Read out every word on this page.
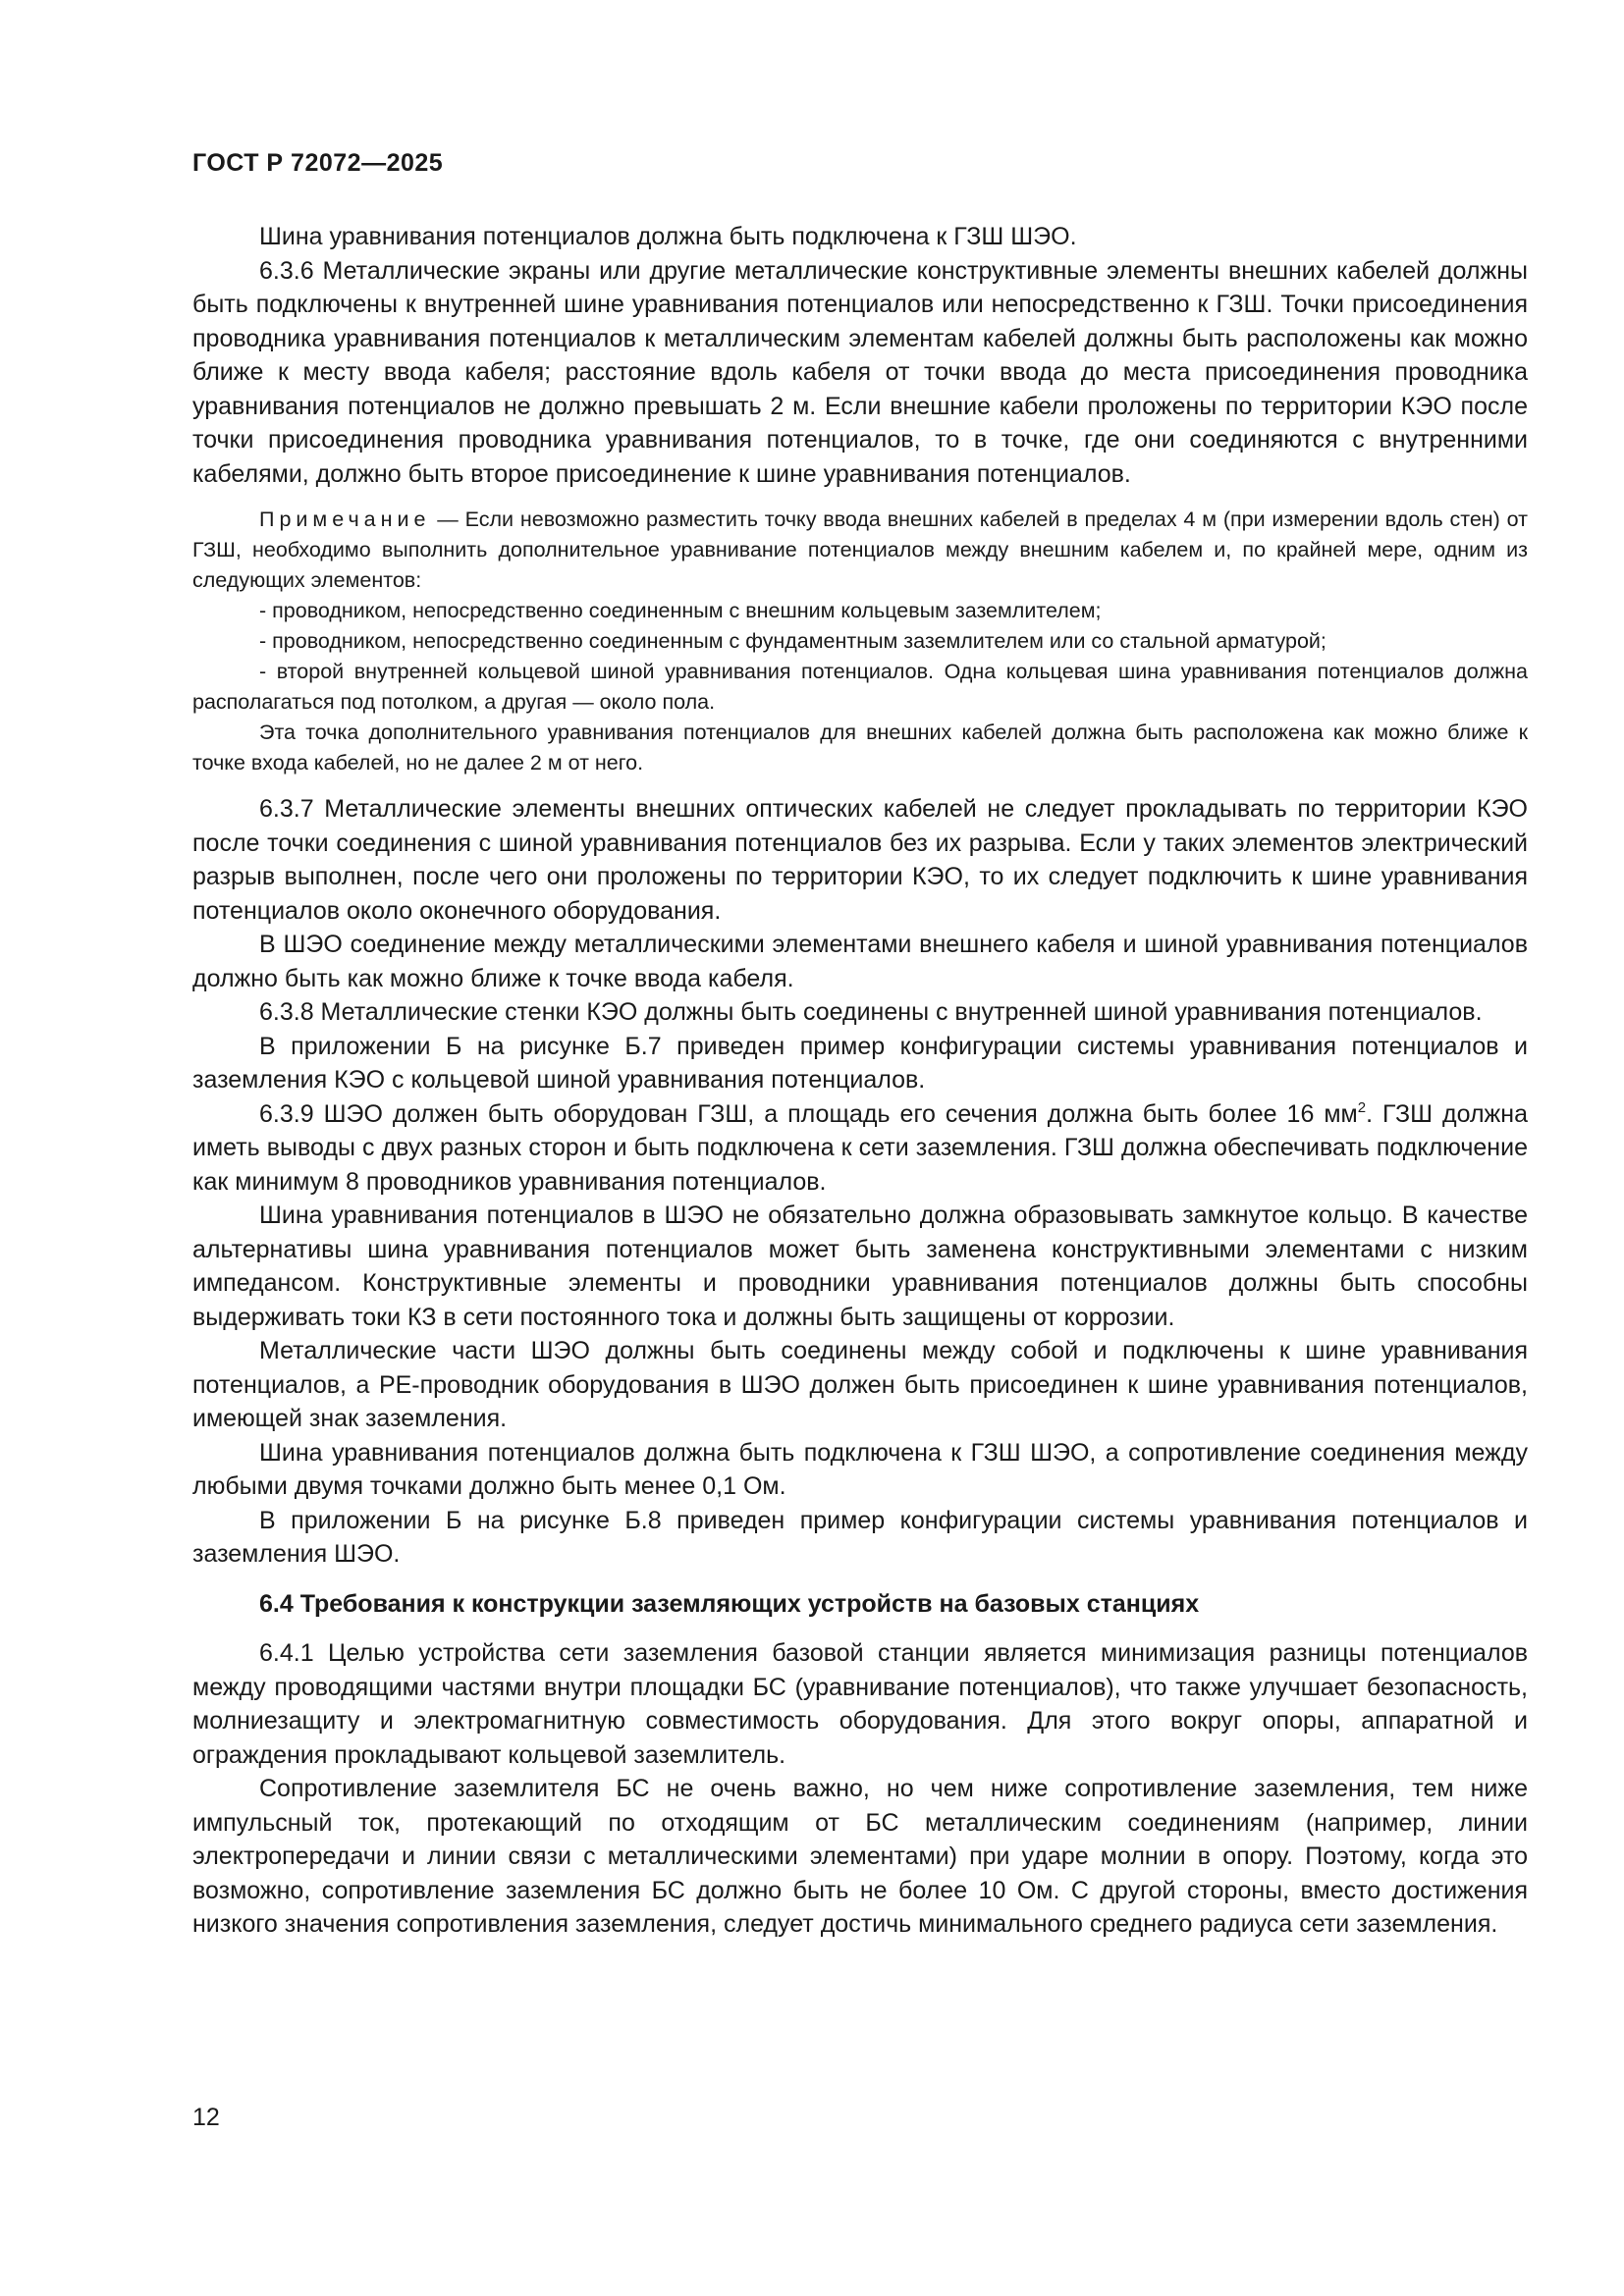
ГОСТ Р 72072—2025

Шина уравнивания потенциалов должна быть подключена к ГЗШ ШЭО.

6.3.6 Металлические экраны или другие металлические конструктивные элементы внешних кабелей должны быть подключены к внутренней шине уравнивания потенциалов или непосредственно к ГЗШ. Точки присоединения проводника уравнивания потенциалов к металлическим элементам кабелей должны быть расположены как можно ближе к месту ввода кабеля; расстояние вдоль кабеля от точки ввода до места присоединения проводника уравнивания потенциалов не должно превышать 2 м. Если внешние кабели проложены по территории КЭО после точки присоединения проводника уравнивания потенциалов, то в точке, где они соединяются с внутренними кабелями, должно быть второе присоединение к шине уравнивания потенциалов.

Примечание — Если невозможно разместить точку ввода внешних кабелей в пределах 4 м (при измерении вдоль стен) от ГЗШ, необходимо выполнить дополнительное уравнивание потенциалов между внешним кабелем и, по крайней мере, одним из следующих элементов:

- проводником, непосредственно соединенным с внешним кольцевым заземлителем;

- проводником, непосредственно соединенным с фундаментным заземлителем или со стальной арматурой;

- второй внутренней кольцевой шиной уравнивания потенциалов. Одна кольцевая шина уравнивания потенциалов должна располагаться под потолком, а другая — около пола.

Эта точка дополнительного уравнивания потенциалов для внешних кабелей должна быть расположена как можно ближе к точке входа кабелей, но не далее 2 м от него.

6.3.7 Металлические элементы внешних оптических кабелей не следует прокладывать по территории КЭО после точки соединения с шиной уравнивания потенциалов без их разрыва. Если у таких элементов электрический разрыв выполнен, после чего они проложены по территории КЭО, то их следует подключить к шине уравнивания потенциалов около оконечного оборудования.

В ШЭО соединение между металлическими элементами внешнего кабеля и шиной уравнивания потенциалов должно быть как можно ближе к точке ввода кабеля.

6.3.8 Металлические стенки КЭО должны быть соединены с внутренней шиной уравнивания потенциалов.

В приложении Б на рисунке Б.7 приведен пример конфигурации системы уравнивания потенциалов и заземления КЭО с кольцевой шиной уравнивания потенциалов.

6.3.9 ШЭО должен быть оборудован ГЗШ, а площадь его сечения должна быть более 16 $мм^2$. ГЗШ должна иметь выводы с двух разных сторон и быть подключена к сети заземления. ГЗШ должна обеспечивать подключение как минимум 8 проводников уравнивания потенциалов.

Шина уравнивания потенциалов в ШЭО не обязательно должна образовывать замкнутое кольцо. В качестве альтернативы шина уравнивания потенциалов может быть заменена конструктивными элементами с низким импедансом. Конструктивные элементы и проводники уравнивания потенциалов должны быть способны выдерживать токи КЗ в сети постоянного тока и должны быть защищены от коррозии.

Металлические части ШЭО должны быть соединены между собой и подключены к шине уравнивания потенциалов, а PE-проводник оборудования в ШЭО должен быть присоединен к шине уравнивания потенциалов, имеющей знак заземления.

Шина уравнивания потенциалов должна быть подключена к ГЗШ ШЭО, а сопротивление соединения между любыми двумя точками должно быть менее 0,1 Ом.

В приложении Б на рисунке Б.8 приведен пример конфигурации системы уравнивания потенциалов и заземления ШЭО.

6.4 Требования к конструкции заземляющих устройств на базовых станциях

6.4.1 Целью устройства сети заземления базовой станции является минимизация разницы потенциалов между проводящими частями внутри площадки БС (уравнивание потенциалов), что также улучшает безопасность, молниезащиту и электромагнитную совместимость оборудования. Для этого вокруг опоры, аппаратной и ограждения прокладывают кольцевой заземлитель.

Сопротивление заземлителя БС не очень важно, но чем ниже сопротивление заземления, тем ниже импульсный ток, протекающий по отходящим от БС металлическим соединениям (например, линии электропередачи и линии связи с металлическими элементами) при ударе молнии в опору. Поэтому, когда это возможно, сопротивление заземления БС должно быть не более 10 Ом. С другой стороны, вместо достижения низкого значения сопротивления заземления, следует достичь минимального среднего радиуса сети заземления.

12
